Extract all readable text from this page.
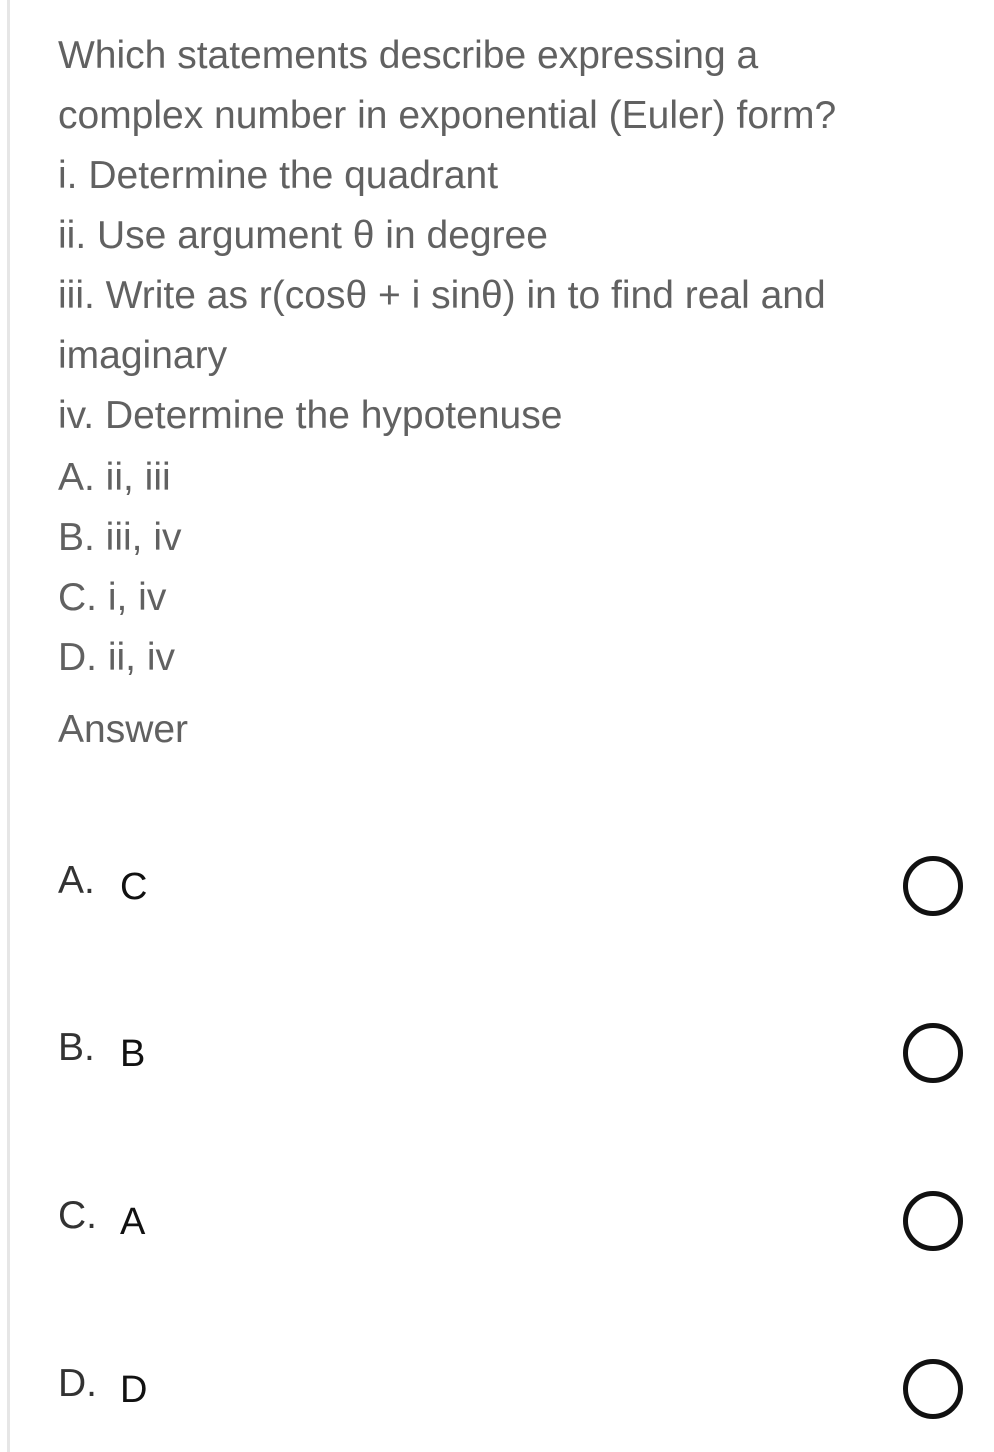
Which statements describe expressing a
complex number in exponential (Euler) form?
i. Determine the quadrant
ii. Use argument θ in degree
iii. Write as r(cosθ + i sinθ) in to find real and
imaginary
iv. Determine the hypotenuse
A. ii, iii
B. iii, iv
C. i, iv
D. ii, iv
Answer
A. C
B. B
C. A
D. D
